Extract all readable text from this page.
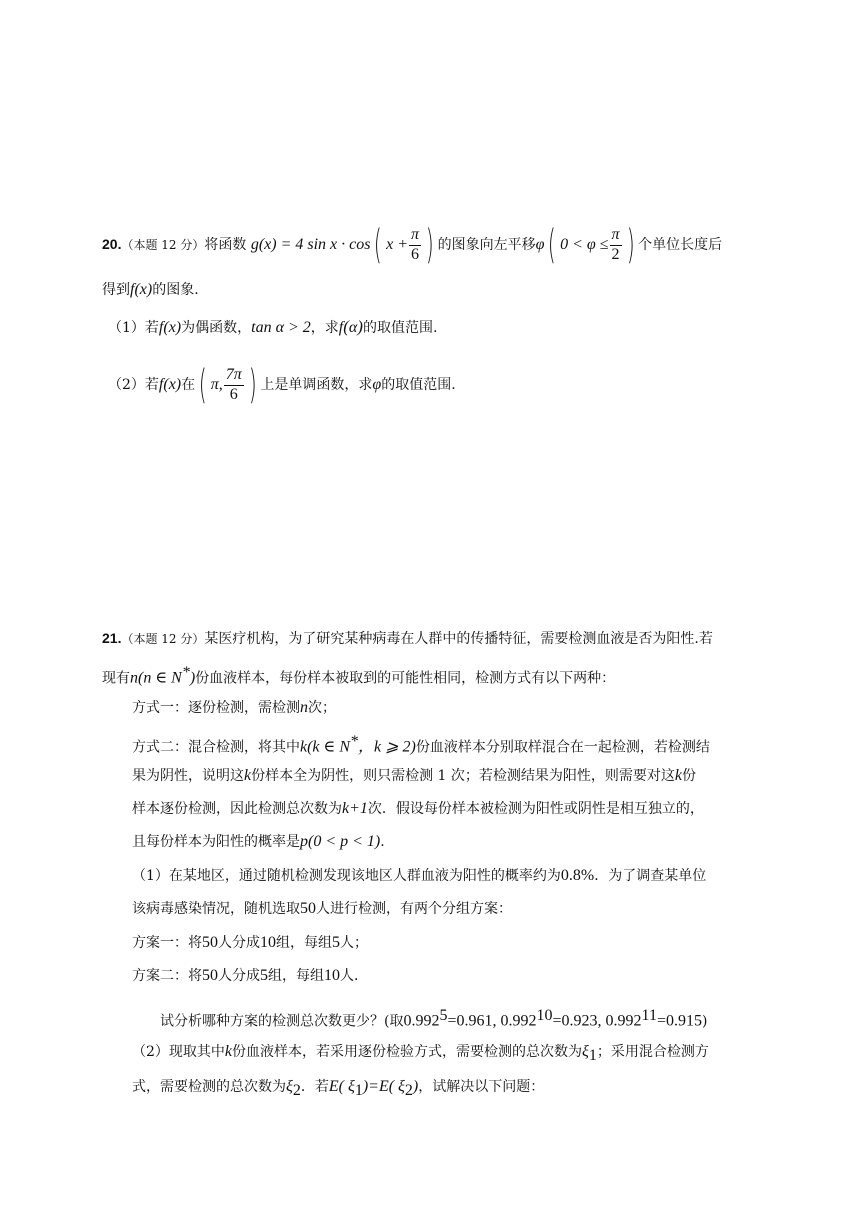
20.（本题 12 分）将函数 g(x) = 4 sin x · cos( $x + \frac{\pi}{6}$ ) 的图象向左平移φ( $0 < \varphi \le \frac{\pi}{2}$ ) 个单位长度后
得到f(x)的图象.
（1）若f(x)为偶函数，tan α > 2，求f(α)的取值范围.
（2）若f(x)在( π, $\frac{7\pi}{6}$ ) 上是单调函数，求φ的取值范围.
21.（本题 12 分）某医疗机构，为了研究某种病毒在人群中的传播特征，需要检测血液是否为阳性.若
现有n(n ∈ N*)份血液样本，每份样本被取到的可能性相同，检测方式有以下两种：
方式一：逐份检测，需检测n次；
方式二：混合检测，将其中k(k ∈ N*，k ⩾ 2)份血液样本分别取样混合在一起检测，若检测结
果为阴性，说明这k份样本全为阴性，则只需检测 1 次；若检测结果为阳性，则需要对这k份
样本逐份检测，因此检测总次数为k+1次．假设每份样本被检测为阳性或阴性是相互独立的，
且每份样本为阳性的概率是p(0 < p < 1).
（1）在某地区，通过随机检测发现该地区人群血液为阳性的概率约为0.8%．为了调查某单位
该病毒感染情况，随机选取50人进行检测，有两个分组方案：
方案一：将50人分成10组，每组5人；
方案二：将50人分成5组，每组10人．
试分析哪种方案的检测总次数更少？(取$0.992^5=0.961$, $0.992^{10}=0.923$, $0.992^{11}=0.915$)
（2）现取其中k份血液样本，若采用逐份检验方式，需要检测的总次数为$\xi_1$；采用混合检测方
式，需要检测的总次数为$\xi_2$．若E( $\xi_1)=E$( $\xi_2$)，试解决以下问题：
